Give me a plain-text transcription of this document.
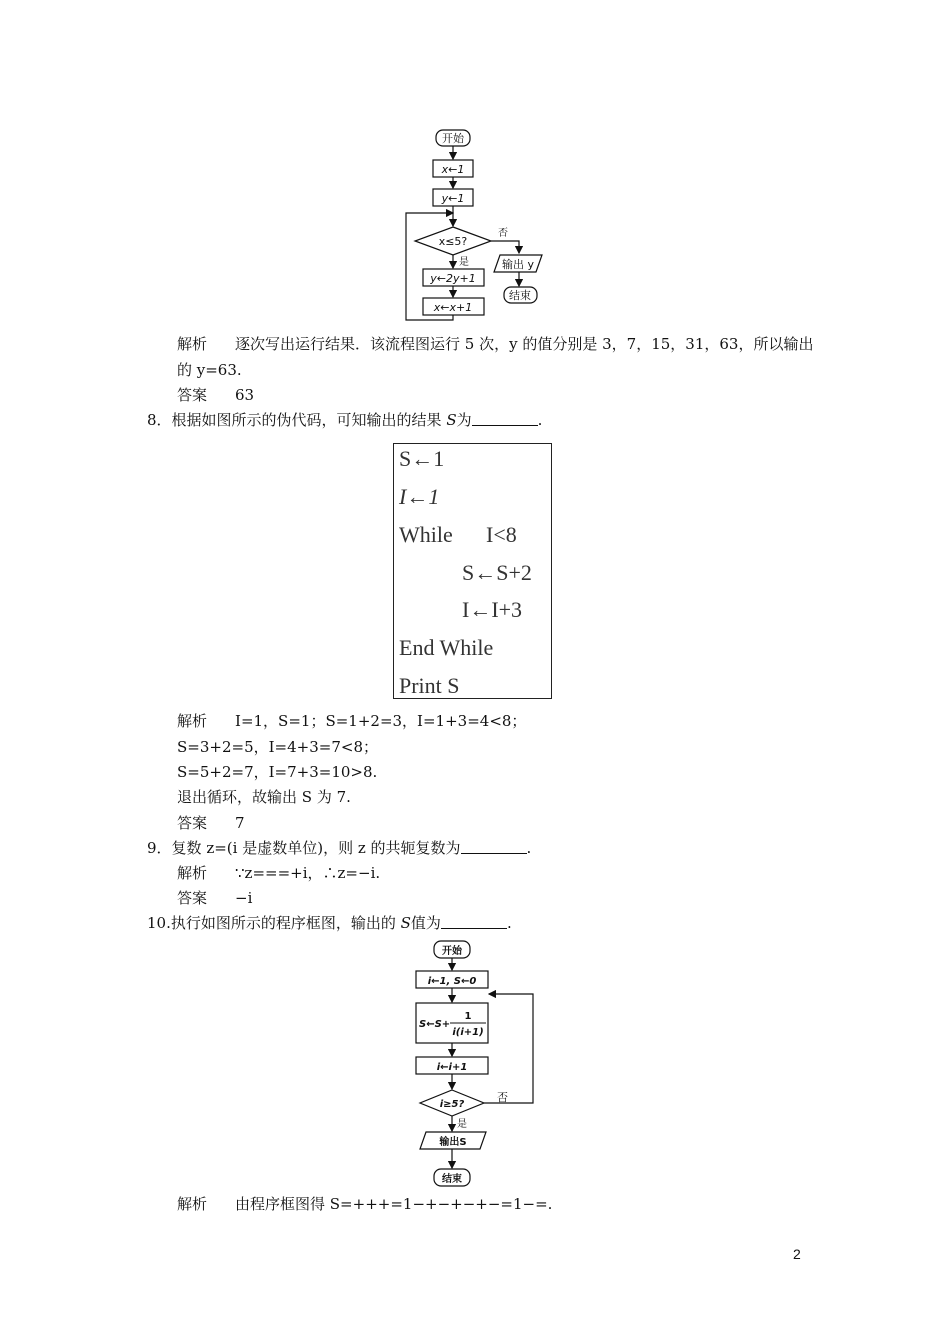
开始
x←1
y←1
x≤5?
否
是	输出 y
y←2y+1
x←x+1
结束
解析 逐次写出运行结果．该流程图运行 5 次，y 的值分别是 3，7，15，31，63，所以输出
的 y=63.
答案 63
8．根据如图所示的伪代码，可知输出的结果 S为	.
S←1
I←1
While I<8
S←S+2
I←I+3
End While
Print S
解析 I=1，S=1；S=1+2=3，I=1+3=4<8；
S=3+2=5，I=4+3=7<8；
S=5+2=7，I=7+3=10>8.
退出循环，故输出 S 为 7.
答案 7
9．复数 z=(i 是虚数单位)，则 z 的共轭复数为	.
解析 ∵z===+i，∴z=−i.
答案 −i
10.执行如图所示的程序框图，输出的 S值为	.
开始
i←1, S←0
S←S+
1
i(i+1)
i←i+1
i≥5?
否
是
输出S
结束
解析 由程序框图得 S=+++=1−+−+−+−=1−=.
2
